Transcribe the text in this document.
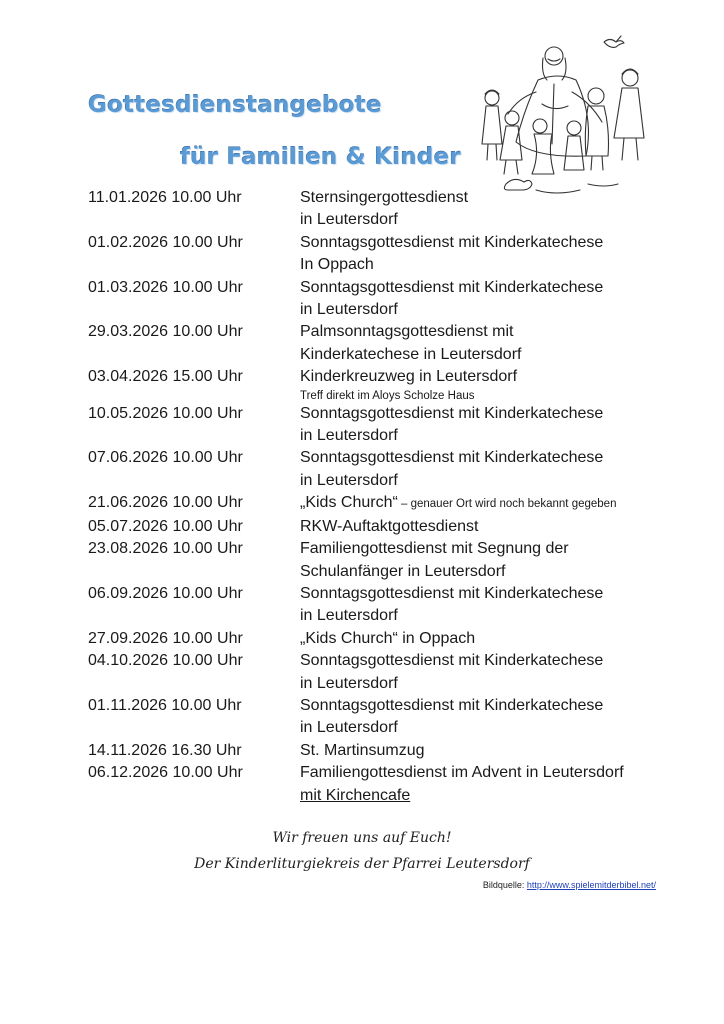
Gottesdienstangebote
für Familien & Kinder
11.01.2026 10.00 Uhr	Sternsingergottesdienst
in Leutersdorf
01.02.2026 10.00 Uhr	Sonntagsgottesdienst mit Kinderkatechese
In Oppach
01.03.2026 10.00 Uhr	Sonntagsgottesdienst mit Kinderkatechese
in Leutersdorf
29.03.2026 10.00 Uhr	Palmsonntagsgottesdienst mit
Kinderkatechese in Leutersdorf
03.04.2026 15.00 Uhr	Kinderkreuzweg in Leutersdorf
Treff direkt im Aloys Scholze Haus
10.05.2026 10.00 Uhr	Sonntagsgottesdienst mit Kinderkatechese
in Leutersdorf
07.06.2026 10.00 Uhr	Sonntagsgottesdienst mit Kinderkatechese
in Leutersdorf
21.06.2026 10.00 Uhr	„Kids Church“ – genauer Ort wird noch bekannt gegeben
05.07.2026 10.00 Uhr	RKW-Auftaktgottesdienst
23.08.2026 10.00 Uhr	Familiengottesdienst mit Segnung der
Schulanfänger in Leutersdorf
06.09.2026 10.00 Uhr	Sonntagsgottesdienst mit Kinderkatechese
in Leutersdorf
27.09.2026 10.00 Uhr	„Kids Church“ in Oppach
04.10.2026 10.00 Uhr	Sonntagsgottesdienst mit Kinderkatechese
in Leutersdorf
01.11.2026 10.00 Uhr	Sonntagsgottesdienst mit Kinderkatechese
in Leutersdorf
14.11.2026 16.30 Uhr	St. Martinsumzug
06.12.2026 10.00 Uhr	Familiengottesdienst im Advent in Leutersdorf
mit Kirchencafe

Wir freuen uns auf Euch!

Der Kinderliturgiekreis der Pfarrei Leutersdorf

Bildquelle: http://www.spielemitderbibel.net/
